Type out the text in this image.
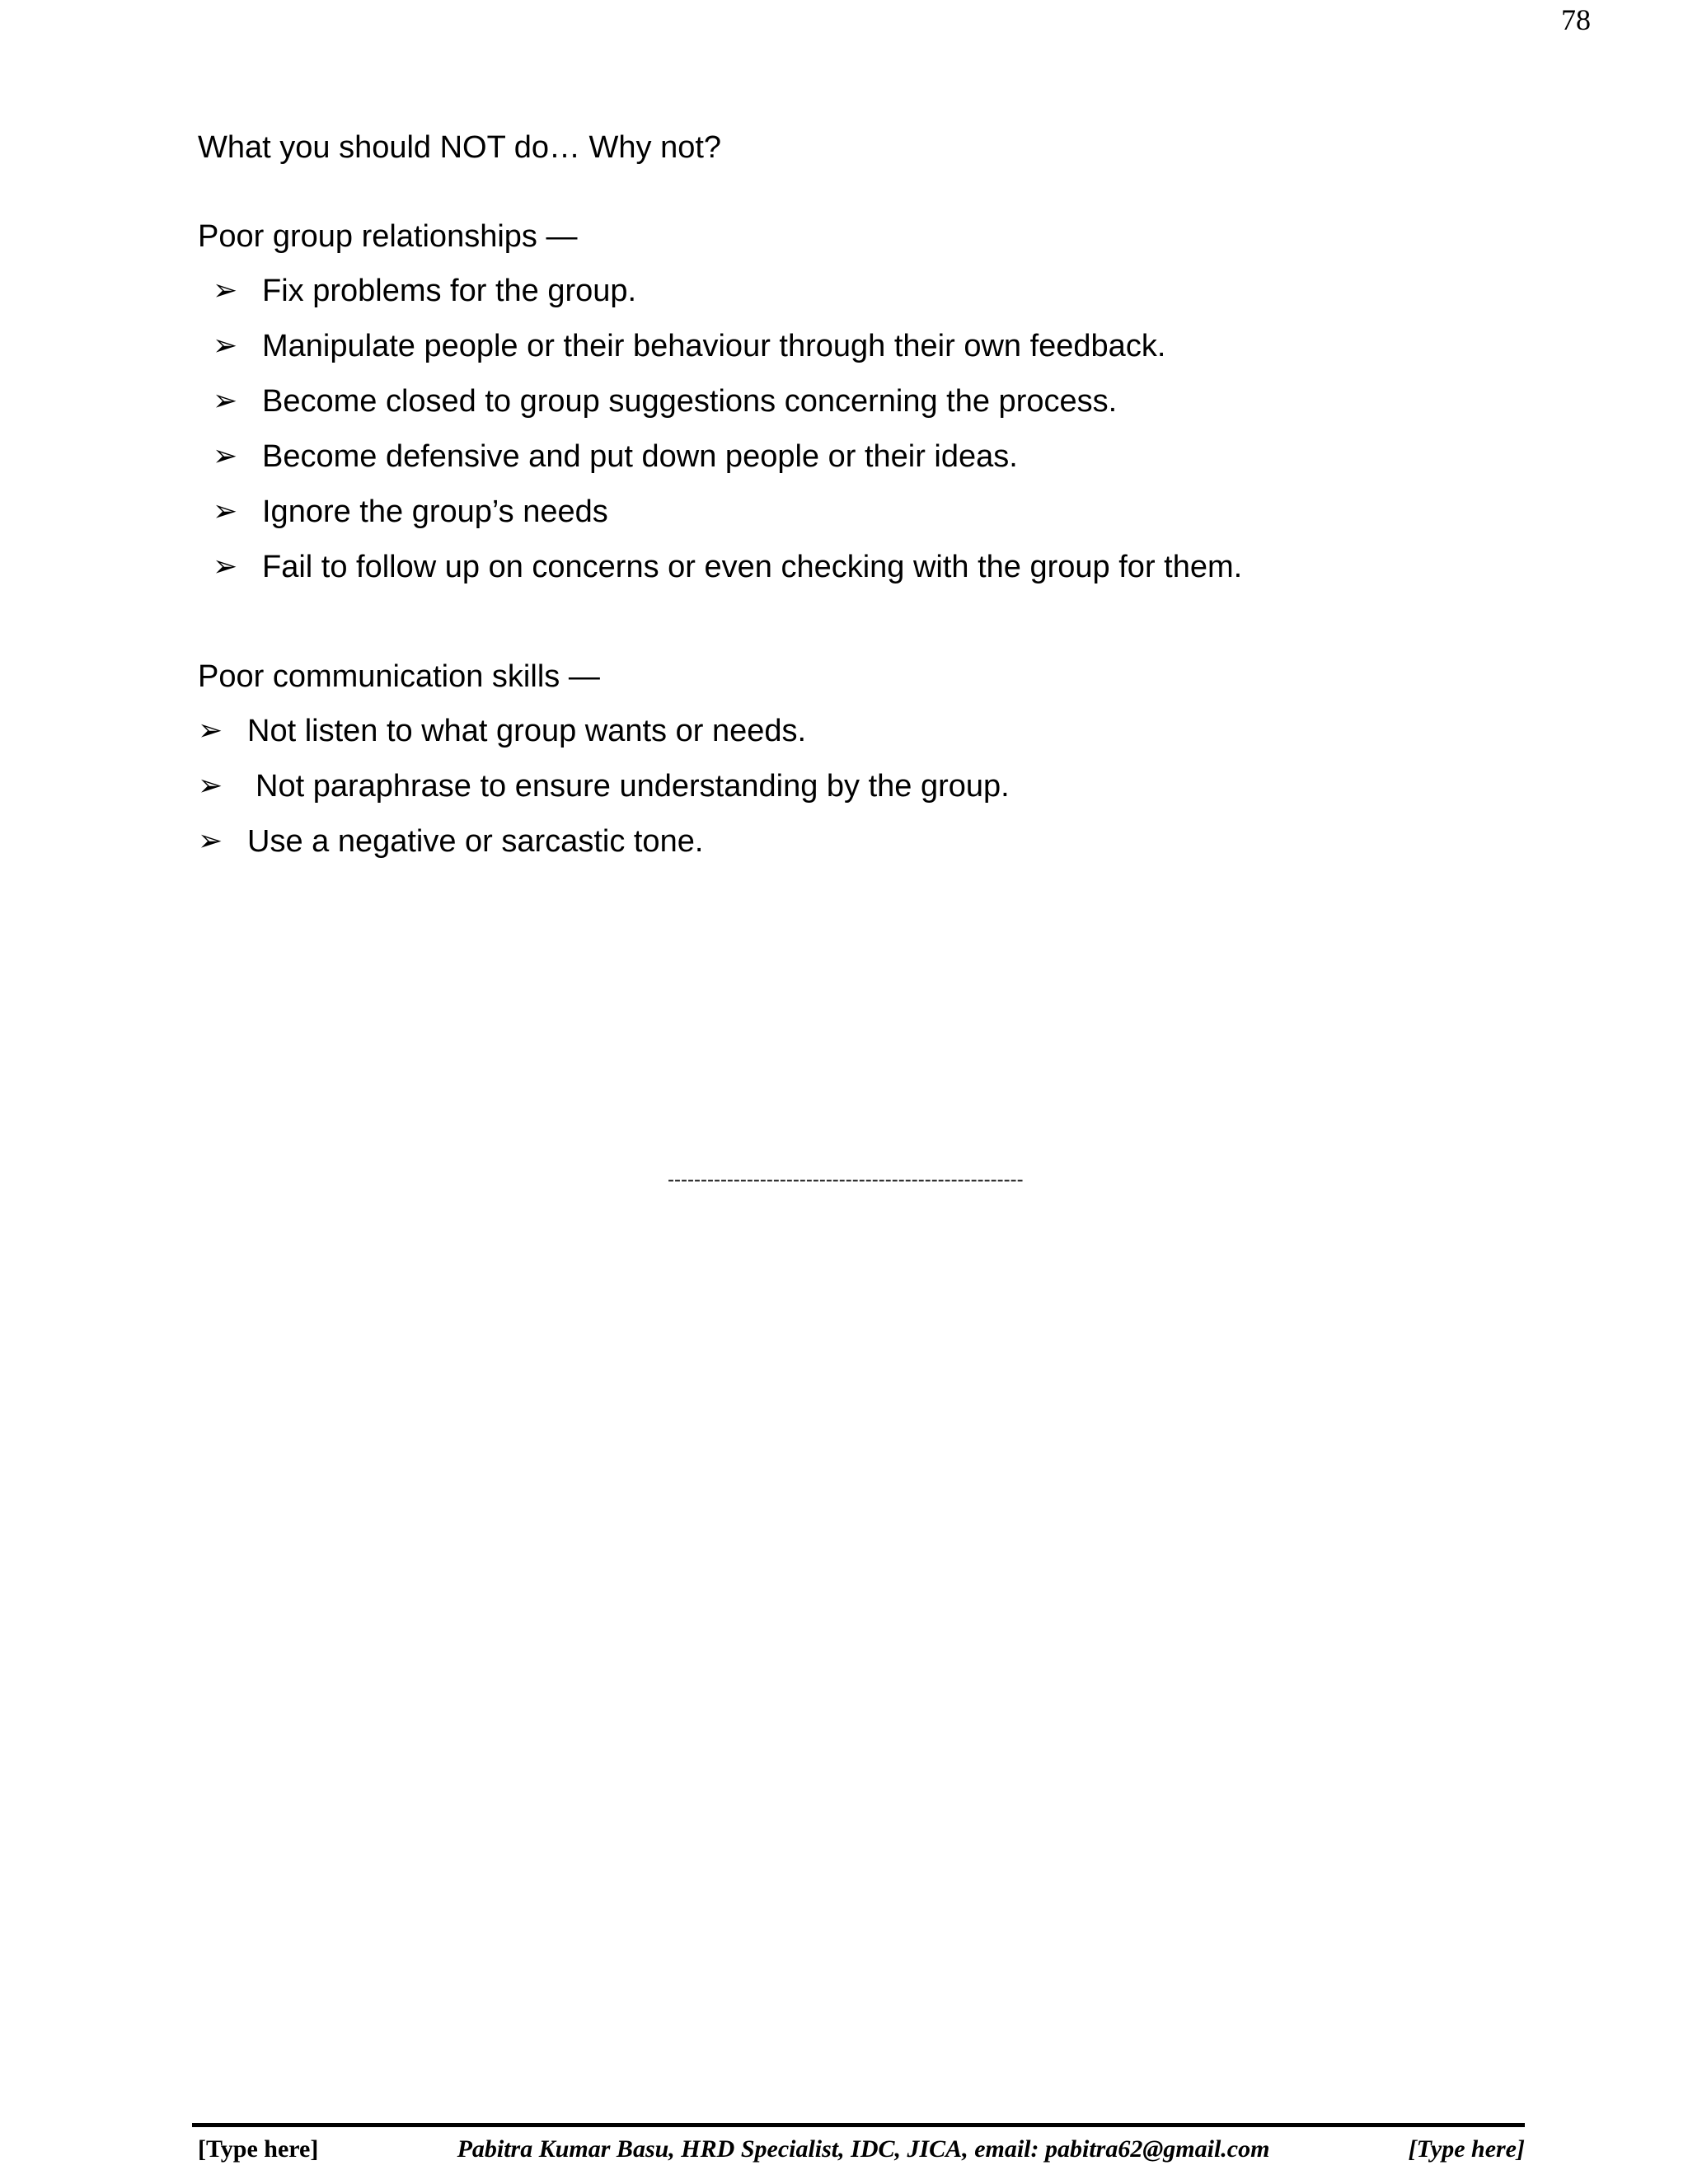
78

What you should NOT do… Why not?

Poor group relationships —

➢ Fix problems for the group.
➢ Manipulate people or their behaviour through their own feedback.
➢ Become closed to group suggestions concerning the process.
➢ Become defensive and put down people or their ideas.
➢ Ignore the group’s needs
➢ Fail to follow up on concerns or even checking with the group for them.

Poor communication skills —

➢ Not listen to what group wants or needs.
➢ Not paraphrase to ensure understanding by the group.
➢ Use a negative or sarcastic tone.
------------------------------------------------------
[Type here]	Pabitra Kumar Basu, HRD Specialist, IDC, JICA, email: pabitra62@gmail.com	[Type here]
